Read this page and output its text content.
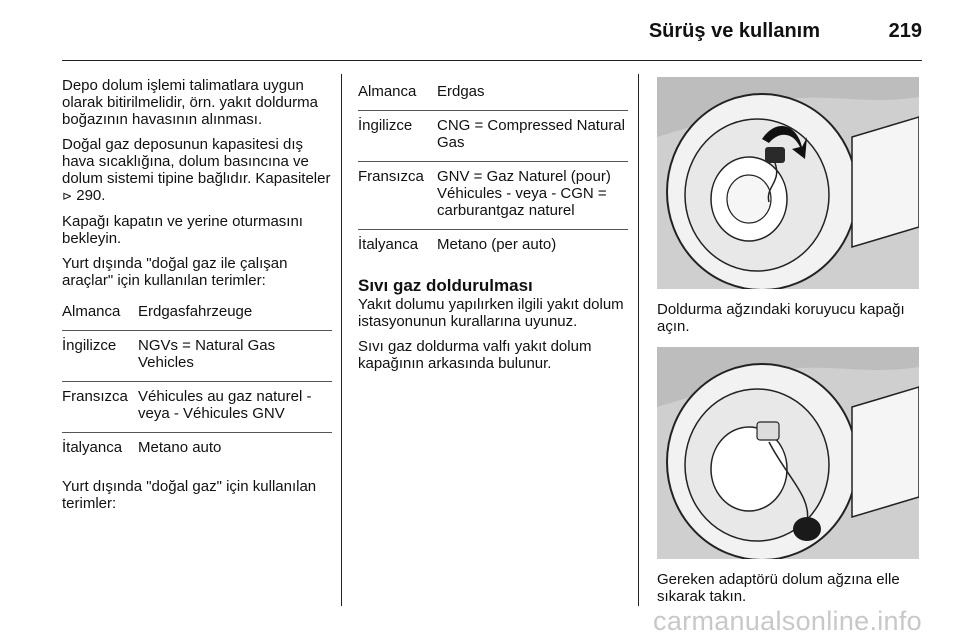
Sürüş ve kullanım	219

Depo dolum işlemi talimatlara uygun olarak bitirilmelidir, örn. yakıt doldurma boğazının havasının alınması.

Doğal gaz deposunun kapasitesi dış hava sıcaklığına, dolum basıncına ve dolum sistemi tipine bağlıdır. Kapasiteler ⊳ 290.

Kapağı kapatın ve yerine oturmasını bekleyin.

Yurt dışında "doğal gaz ile çalışan araçlar" için kullanılan terimler:

Almanca	Erdgasfahrzeuge
İngilizce	NGVs = Natural Gas Vehicles
Fransızca Véhicules au gaz naturel - veya - Véhicules GNV
İtalyanca	Metano auto

Yurt dışında "doğal gaz" için kullanılan terimler:

Almanca	Erdgas
İngilizce	CNG = Compressed Natural Gas
Fransızca GNV = Gaz Naturel (pour) Véhicules - veya - CGN = carburantgaz naturel
İtalyanca	Metano (per auto)
Sıvı gaz doldurulması

Yakıt dolumu yapılırken ilgili yakıt dolum istasyonunun kurallarına uyunuz.

Sıvı gaz doldurma valfı yakıt dolum kapağının arkasında bulunur.

Doldurma ağzındaki koruyucu kapağı açın.

Gereken adaptörü dolum ağzına elle sıkarak takın.

carmanualsonline.info
